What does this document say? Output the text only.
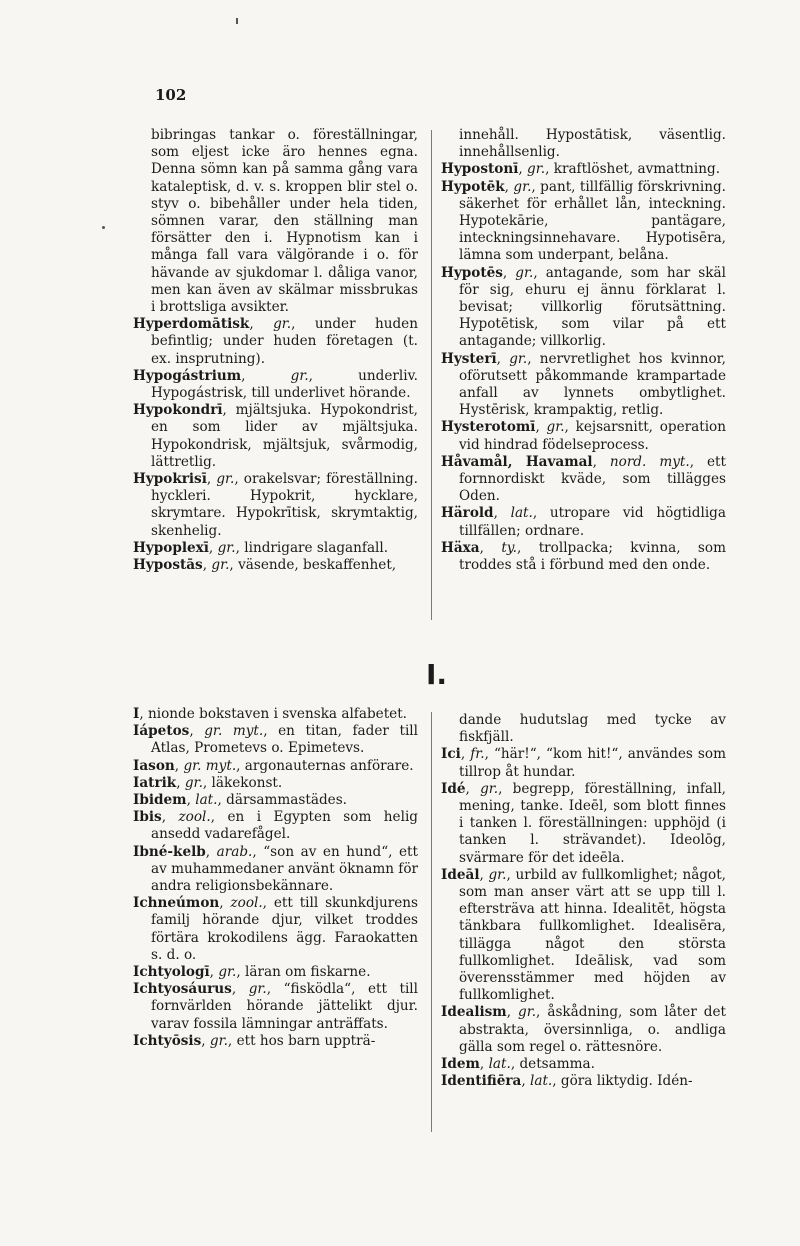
102

bibringas tankar o. föreställningar, som eljest icke äro hennes egna. Denna sömn kan på samma gång vara kataleptisk, d. v. s. kroppen blir stel o. styv o. bibehåller under hela tiden, sömnen varar, den ställning man försätter den i. Hypnotism kan i många fall vara välgörande i o. för hävande av sjukdomar l. dåliga vanor, men kan även av skälmar missbrukas i brottsliga avsikter.

Hyperdomātisk, gr., under huden befintlig; under huden företagen (t. ex. insprutning).

Hypogástrium, gr., underliv. Hypogástrisk, till underlivet hörande.

Hypokondrī, mjältsjuka. Hypokondrist, en som lider av mjältsjuka. Hypokondrisk, mjältsjuk, svårmodig, lättretlig.

Hypokrisī, gr., orakelsvar; föreställning. hyckleri. Hypokrit, hycklare, skrymtare. Hypokrītisk, skrymtaktig, skenhelig.

Hypoplexī, gr., lindrigare slaganfall.

Hypostās, gr., väsende, beskaffenhet,

innehåll. Hypostātisk, väsentlig. innehållsenlig.

Hypostonī, gr., kraftlöshet, avmattning.

Hypotēk, gr., pant, tillfällig förskrivning. säkerhet för erhållet lån, inteckning. Hypotekārie, pantägare, inteckningsinnehavare. Hypotisēra, lämna som underpant, belåna.

Hypotēs, gr., antagande, som har skäl för sig, ehuru ej ännu förklarat l. bevisat; villkorlig förutsättning. Hypotētisk, som vilar på ett antagande; villkorlig.

Hysterī, gr., nervretlighet hos kvinnor, oförutsett påkommande krampartade anfall av lynnets ombytlighet. Hystērisk, krampaktig, retlig.

Hysterotomī, gr., kejsarsnitt, operation vid hindrad födelseprocess.

Håvamål, Havamal, nord. myt., ett fornnordiskt kväde, som tillägges Oden.

Härold, lat., utropare vid högtidliga tillfällen; ordnare.

Häxa, ty., trollpacka; kvinna, som troddes stå i förbund med den onde.

I.

I, nionde bokstaven i svenska alfabetet.

Iápetos, gr. myt., en titan, fader till Atlas, Prometevs o. Epimetevs.

Iason, gr. myt., argonauternas anförare.

Iatrik, gr., läkekonst.

Ibidem, lat., därsammastädes.

Ibis, zool., en i Egypten som helig ansedd vadarefågel.

Ibné-kelb, arab., “son av en hund“, ett av muhammedaner använt öknamn för andra religionsbekännare.

Ichneúmon, zool., ett till skunkdjurens familj hörande djur, vilket troddes förtära krokodilens ägg. Faraokatten s. d. o.

Ichtyologī, gr., läran om fiskarne.

Ichtyosáurus, gr., “fisködla“, ett till fornvärlden hörande jättelikt djur. varav fossila lämningar anträffats.

Ichtyōsis, gr., ett hos barn uppträ-

dande hudutslag med tycke av fiskfjäll.

Ici, fr., “här!“, “kom hit!“, användes som tillrop åt hundar.

Idé, gr., begrepp, föreställning, infall, mening, tanke. Ideēl, som blott finnes i tanken l. föreställningen: upphöjd (i tanken l. strävandet). Ideolōg, svärmare för det ideēla.

Ideāl, gr., urbild av fullkomlighet; något, som man anser värt att se upp till l. eftersträva att hinna. Idealitēt, högsta tänkbara fullkomlighet. Idealisēra, tillägga något den största fullkomlighet. Ideālisk, vad som överensstämmer med höjden av fullkomlighet.

Idealism, gr., åskådning, som låter det abstrakta, översinnliga, o. andliga gälla som regel o. rättesnöre.

Idem, lat., detsamma.

Identifiēra, lat., göra liktydig. Idén-
